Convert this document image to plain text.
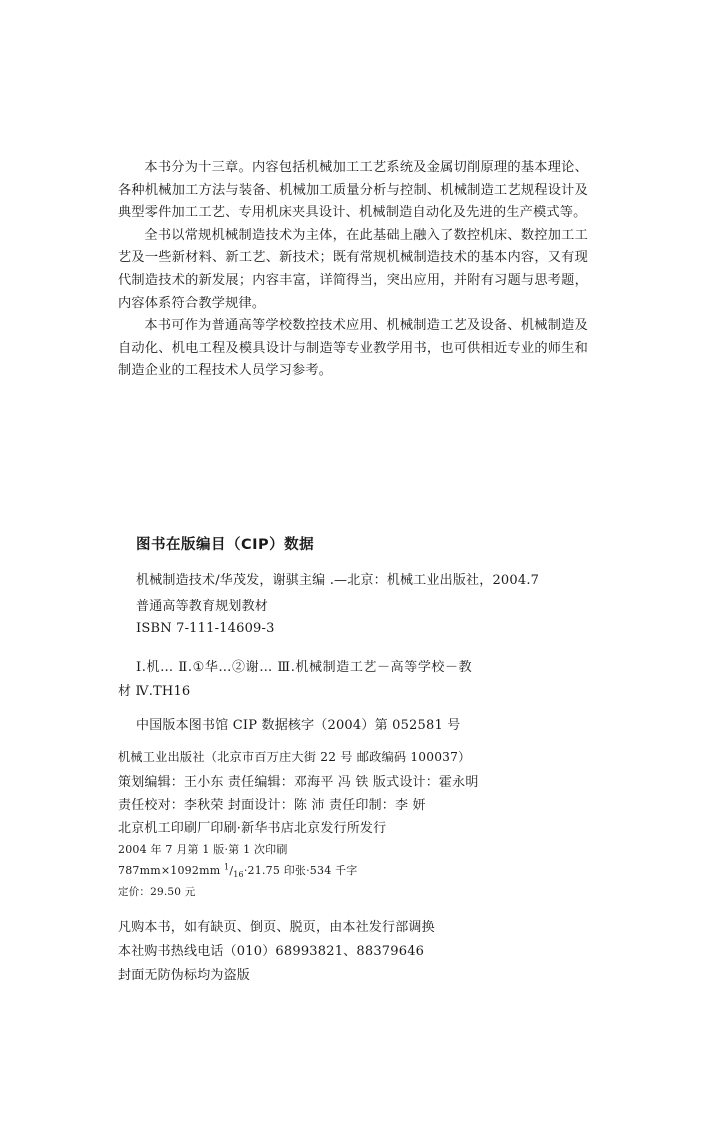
本书分为十三章。内容包括机械加工工艺系统及金属切削原理的基本理论、各种机械加工方法与装备、机械加工质量分析与控制、机械制造工艺规程设计及典型零件加工工艺、专用机床夹具设计、机械制造自动化及先进的生产模式等。

全书以常规机械制造技术为主体，在此基础上融入了数控机床、数控加工工艺及一些新材料、新工艺、新技术；既有常规机械制造技术的基本内容，又有现代制造技术的新发展；内容丰富，详简得当，突出应用，并附有习题与思考题，内容体系符合教学规律。

本书可作为普通高等学校数控技术应用、机械制造工艺及设备、机械制造及自动化、机电工程及模具设计与制造等专业教学用书，也可供相近专业的师生和制造企业的工程技术人员学习参考。

图书在版编目（CIP）数据
机械制造技术/华茂发，谢骐主编 .—北京：机械工业出版社，2004.7
普通高等教育规划教材
ISBN 7-111-14609-3
Ⅰ.机… Ⅱ.①华…②谢… Ⅲ.机械制造工艺－高等学校－教
材 Ⅳ.TH16
中国版本图书馆 CIP 数据核字（2004）第 052581 号
机械工业出版社（北京市百万庄大街 22 号 邮政编码 100037）
策划编辑：王小东 责任编辑：邓海平 冯 铁 版式设计：霍永明
责任校对：李秋荣 封面设计：陈 沛 责任印制：李 妍
北京机工印刷厂印刷·新华书店北京发行所发行
2004 年 7 月第 1 版·第 1 次印刷
787mm×1092mm $^1/_{16}\cdot 21.75$ 印张·534 千字
定价：29.50 元
凡购本书，如有缺页、倒页、脱页，由本社发行部调换
本社购书热线电话（010）68993821、88379646
封面无防伪标均为盗版
